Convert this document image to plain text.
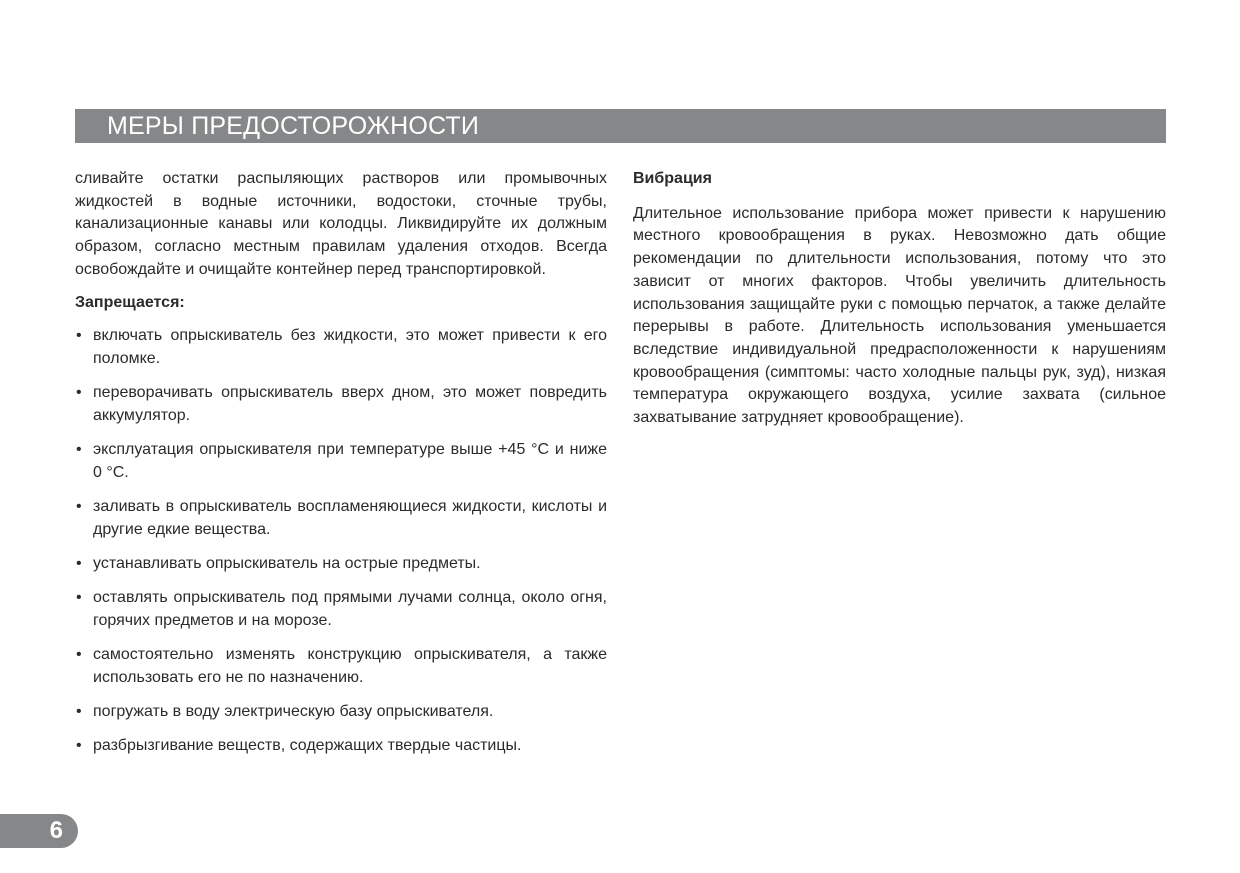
МЕРЫ ПРЕДОСТОРОЖНОСТИ

сливайте остатки распыляющих растворов или промывочных жидкостей в водные источники, водостоки, сточные трубы, канализационные канавы или колодцы. Ликвидируйте их должным образом, согласно местным правилам удаления отходов. Всегда освобождайте и очищайте контейнер перед транспортировкой.

Запрещается:

• включать опрыскиватель без жидкости, это может привести к его поломке.
• переворачивать опрыскиватель вверх дном, это может повредить аккумулятор.
• эксплуатация опрыскивателя при температуре выше +45 °C и ниже 0 °C.
• заливать в опрыскиватель воспламеняющиеся жидкости, кислоты и другие едкие вещества.
• устанавливать опрыскиватель на острые предметы.
• оставлять опрыскиватель под прямыми лучами солнца, около огня, горячих предметов и на морозе.
• самостоятельно изменять конструкцию опрыскивателя, а также использовать его не по назначению.
• погружать в воду электрическую базу опрыскивателя.
• разбрызгивание веществ, содержащих твердые частицы.

Вибрация

Длительное использование прибора может привести к нарушению местного кровообращения в руках. Невозможно дать общие рекомендации по длительности использования, потому что это зависит от многих факторов. Чтобы увеличить длительность использования защищайте руки с помощью перчаток, а также делайте перерывы в работе. Длительность использования уменьшается вследствие индивидуальной предрасположенности к нарушениям кровообращения (симптомы: часто холодные пальцы рук, зуд), низкая температура окружающего воздуха, усилие захвата (сильное захватывание затрудняет кровообращение).

6
